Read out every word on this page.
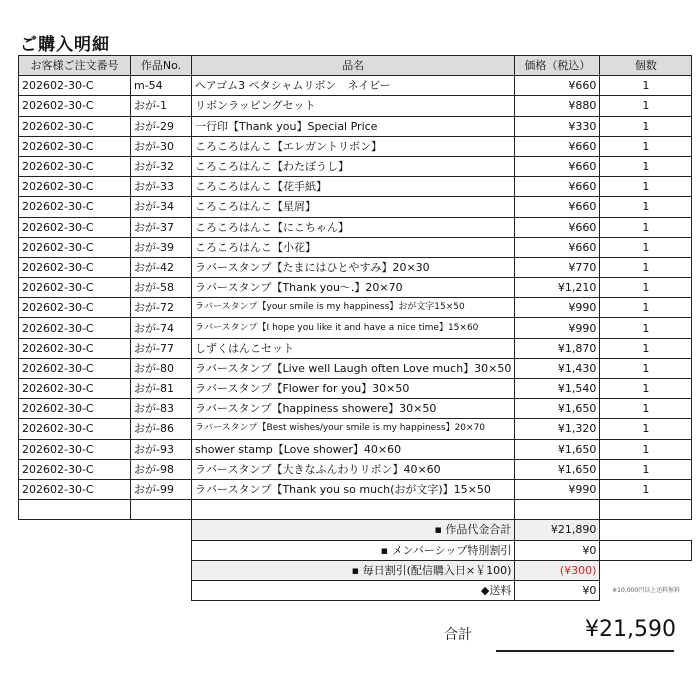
ご購入明細
お客様ご注文番号	作品No.	品名	価格（税込）	個数
202602-30-C	m-54	ヘアゴム3 ペタシャムリボン　ネイビー	¥660	1
202602-30-C	おが-1	リボンラッピングセット	¥880	1
202602-30-C	おが-29	一行印【Thank you】Special Price	¥330	1
202602-30-C	おが-30	ころころはんこ【エレガントリボン】	¥660	1
202602-30-C	おが-32	ころころはんこ【わたぼうし】	¥660	1
202602-30-C	おが-33	ころころはんこ【花手紙】	¥660	1
202602-30-C	おが-34	ころころはんこ【星屑】	¥660	1
202602-30-C	おが-37	ころころはんこ【にこちゃん】	¥660	1
202602-30-C	おが-39	ころころはんこ【小花】	¥660	1
202602-30-C	おが-42	ラバースタンプ【たまにはひとやすみ】20×30	¥770	1
202602-30-C	おが-58	ラバースタンプ【Thank you～.】20×70	¥1,210	1
202602-30-C	おが-72	ラバースタンプ【your smile is my happiness】おが文字15×50	¥990	1
202602-30-C	おが-74	ラバースタンプ【I hope you like it and have a nice time】15×60	¥990	1
202602-30-C	おが-77	しずくはんこセット	¥1,870	1
202602-30-C	おが-80	ラバースタンプ【Live well Laugh often Love much】30×50	¥1,430	1
202602-30-C	おが-81	ラバースタンプ【Flower for you】30×50	¥1,540	1
202602-30-C	おが-83	ラバースタンプ【happiness showere】30×50	¥1,650	1
202602-30-C	おが-86	ラバースタンプ【Best wishes/your smile is my happiness】20×70	¥1,320	1
202602-30-C	おが-93	shower stamp【Love shower】40×60	¥1,650	1
202602-30-C	おが-98	ラバースタンプ【大きなふんわりリボン】40×60	¥1,650	1
202602-30-C	おが-99	ラバースタンプ【Thank you so much(おが文字)】15×50	¥990	1

		▪ 作品代金合計	¥21,890	
		▪ メンバーシップ特別割引	¥0	
		▪ 毎日割引(配信購入日×￥100)	(¥300)	
		◆送料	¥0	※10,000円以上送料無料
合計	¥21,590
